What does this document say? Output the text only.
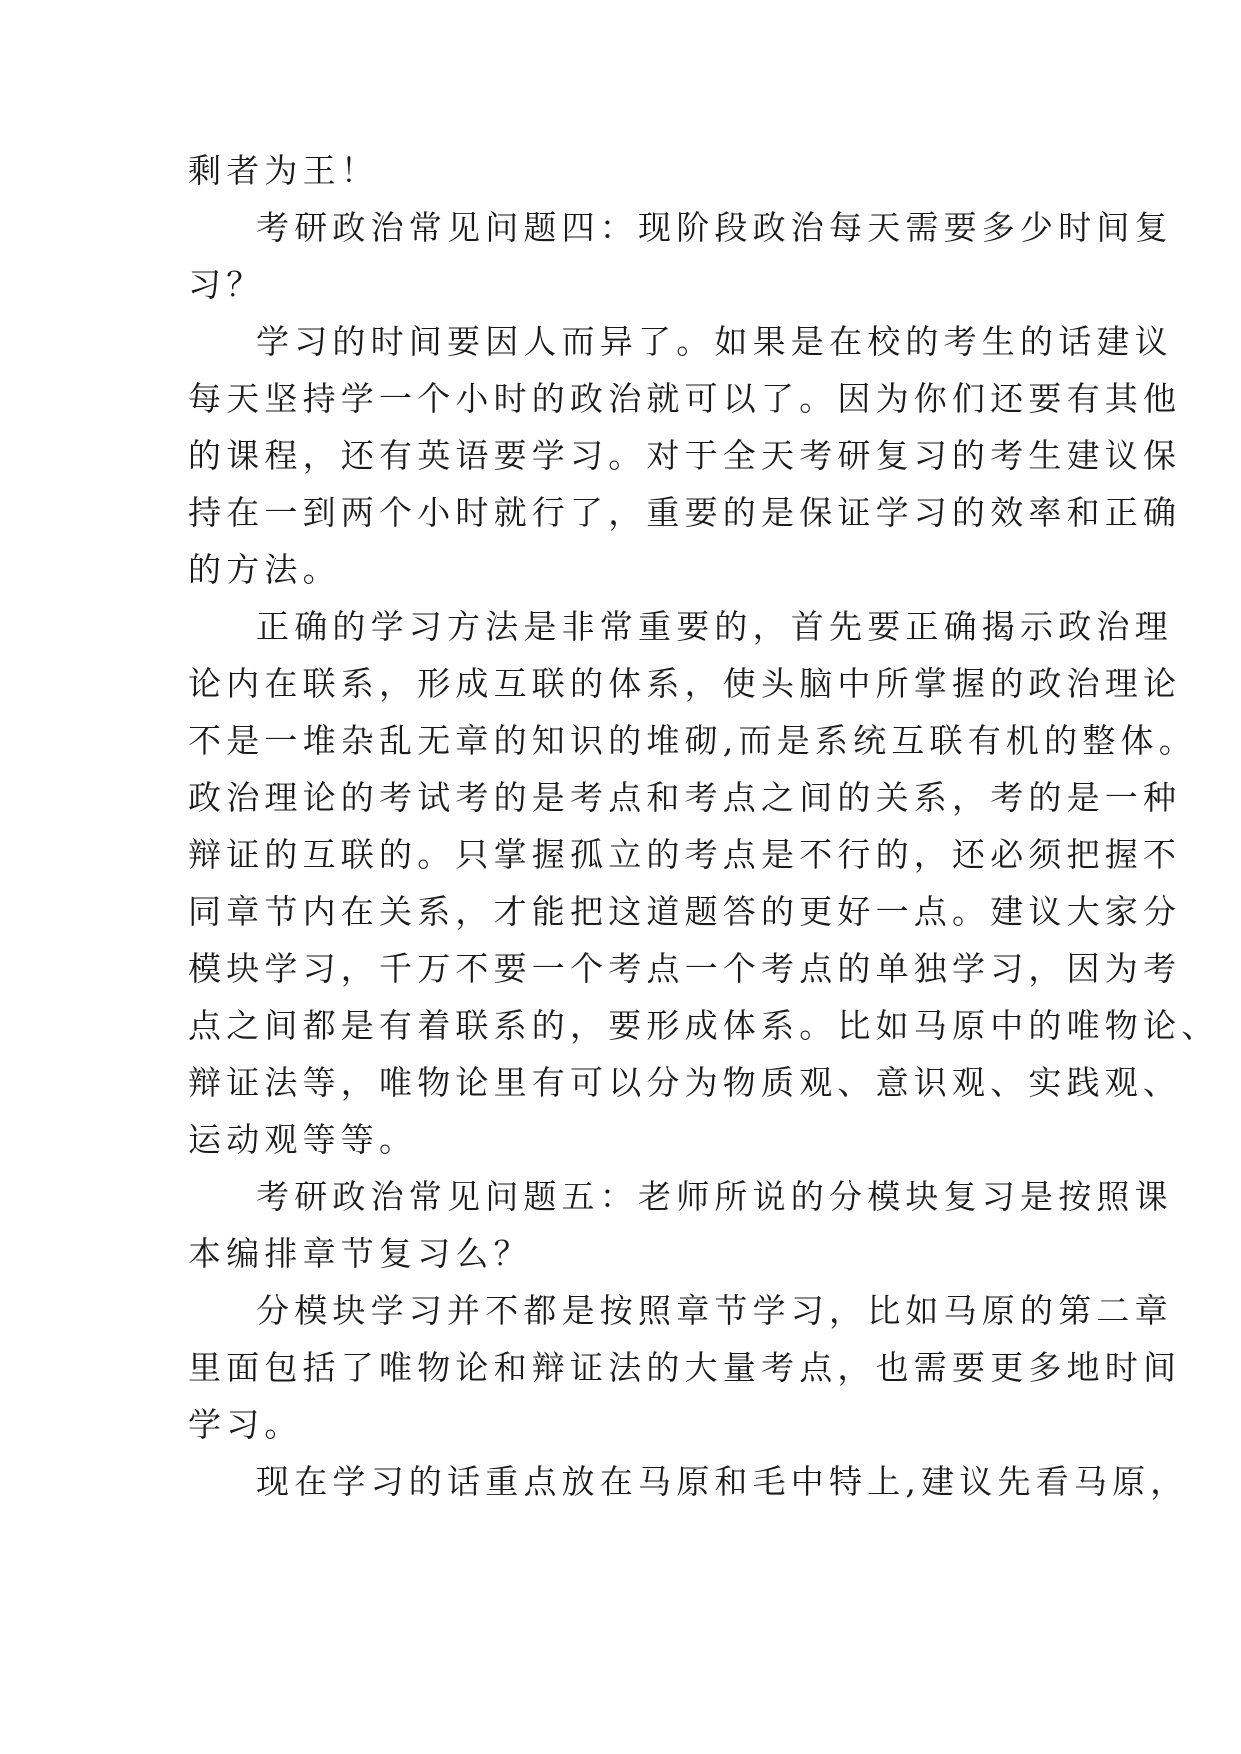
剩者为王！
考研政治常见问题四：现阶段政治每天需要多少时间复
习？
学习的时间要因人而异了。如果是在校的考生的话建议
每天坚持学一个小时的政治就可以了。因为你们还要有其他
的课程，还有英语要学习。对于全天考研复习的考生建议保
持在一到两个小时就行了，重要的是保证学习的效率和正确
的方法。
正确的学习方法是非常重要的，首先要正确揭示政治理
论内在联系，形成互联的体系，使头脑中所掌握的政治理论
不是一堆杂乱无章的知识的堆砌,而是系统互联有机的整体。
政治理论的考试考的是考点和考点之间的关系，考的是一种
辩证的互联的。只掌握孤立的考点是不行的，还必须把握不
同章节内在关系，才能把这道题答的更好一点。建议大家分
模块学习，千万不要一个考点一个考点的单独学习，因为考
点之间都是有着联系的，要形成体系。比如马原中的唯物论、
辩证法等，唯物论里有可以分为物质观、意识观、实践观、
运动观等等。
考研政治常见问题五：老师所说的分模块复习是按照课
本编排章节复习么？
分模块学习并不都是按照章节学习，比如马原的第二章
里面包括了唯物论和辩证法的大量考点，也需要更多地时间
学习。
现在学习的话重点放在马原和毛中特上,建议先看马原，
